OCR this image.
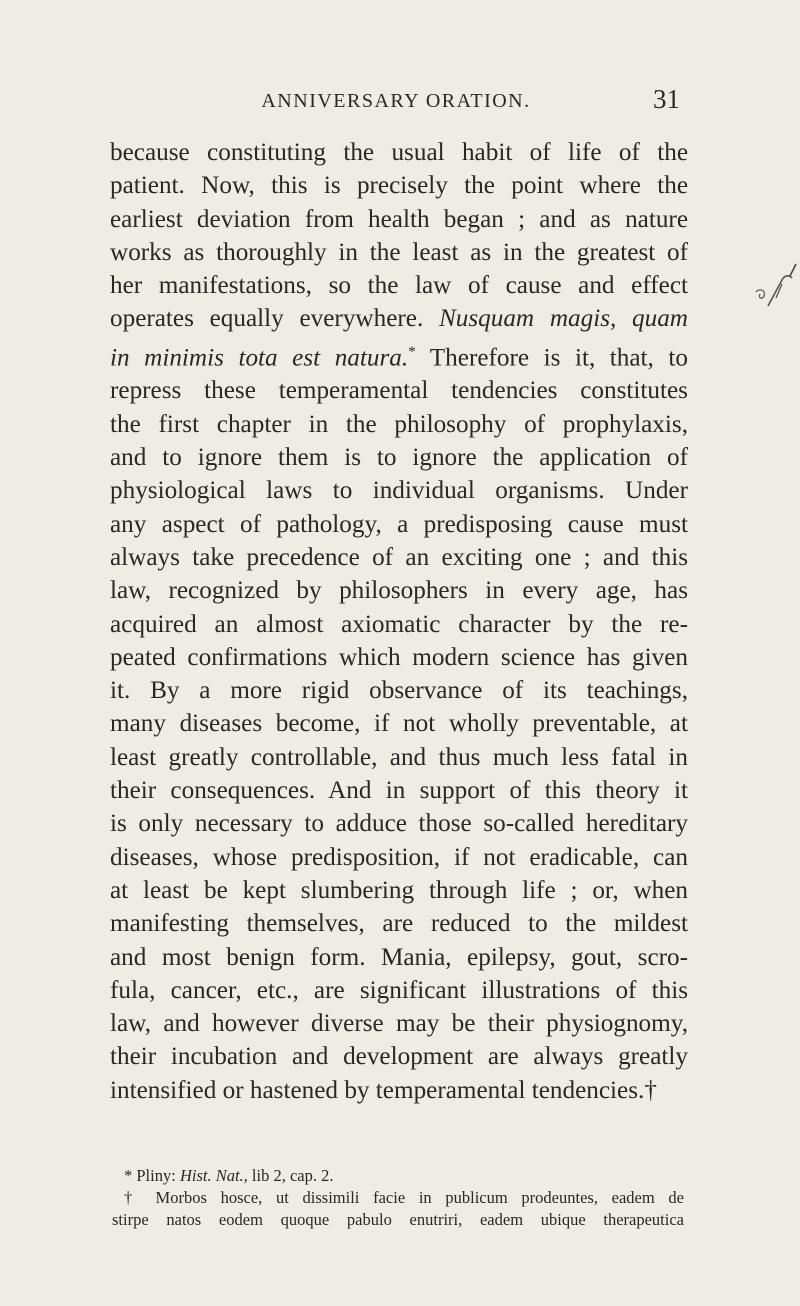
ANNIVERSARY ORATION.	31
because constituting the usual habit of life of the
patient. Now, this is precisely the point where the
earliest deviation from health began ; and as nature
works as thoroughly in the least as in the greatest of
her manifestations, so the law of cause and effect
operates equally everywhere. Nusquam magis, quam
in minimis tota est natura.* Therefore is it, that, to
repress these temperamental tendencies constitutes
the first chapter in the philosophy of prophylaxis,
and to ignore them is to ignore the application of
physiological laws to individual organisms. Under
any aspect of pathology, a predisposing cause must
always take precedence of an exciting one ; and this
law, recognized by philosophers in every age, has
acquired an almost axiomatic character by the re-
peated confirmations which modern science has given
it. By a more rigid observance of its teachings,
many diseases become, if not wholly preventable, at
least greatly controllable, and thus much less fatal in
their consequences. And in support of this theory it
is only necessary to adduce those so-called hereditary
diseases, whose predisposition, if not eradicable, can
at least be kept slumbering through life ; or, when
manifesting themselves, are reduced to the mildest
and most benign form. Mania, epilepsy, gout, scro-
fula, cancer, etc., are significant illustrations of this
law, and however diverse may be their physiognomy,
their incubation and development are always greatly
intensified or hastened by temperamental tendencies.†
* Pliny: Hist. Nat., lib 2, cap. 2.
† Morbos hosce, ut dissimili facie in publicum prodeuntes, eadem de
stirpe natos eodem quoque pabulo enutriri, eadem ubique therapeutica
